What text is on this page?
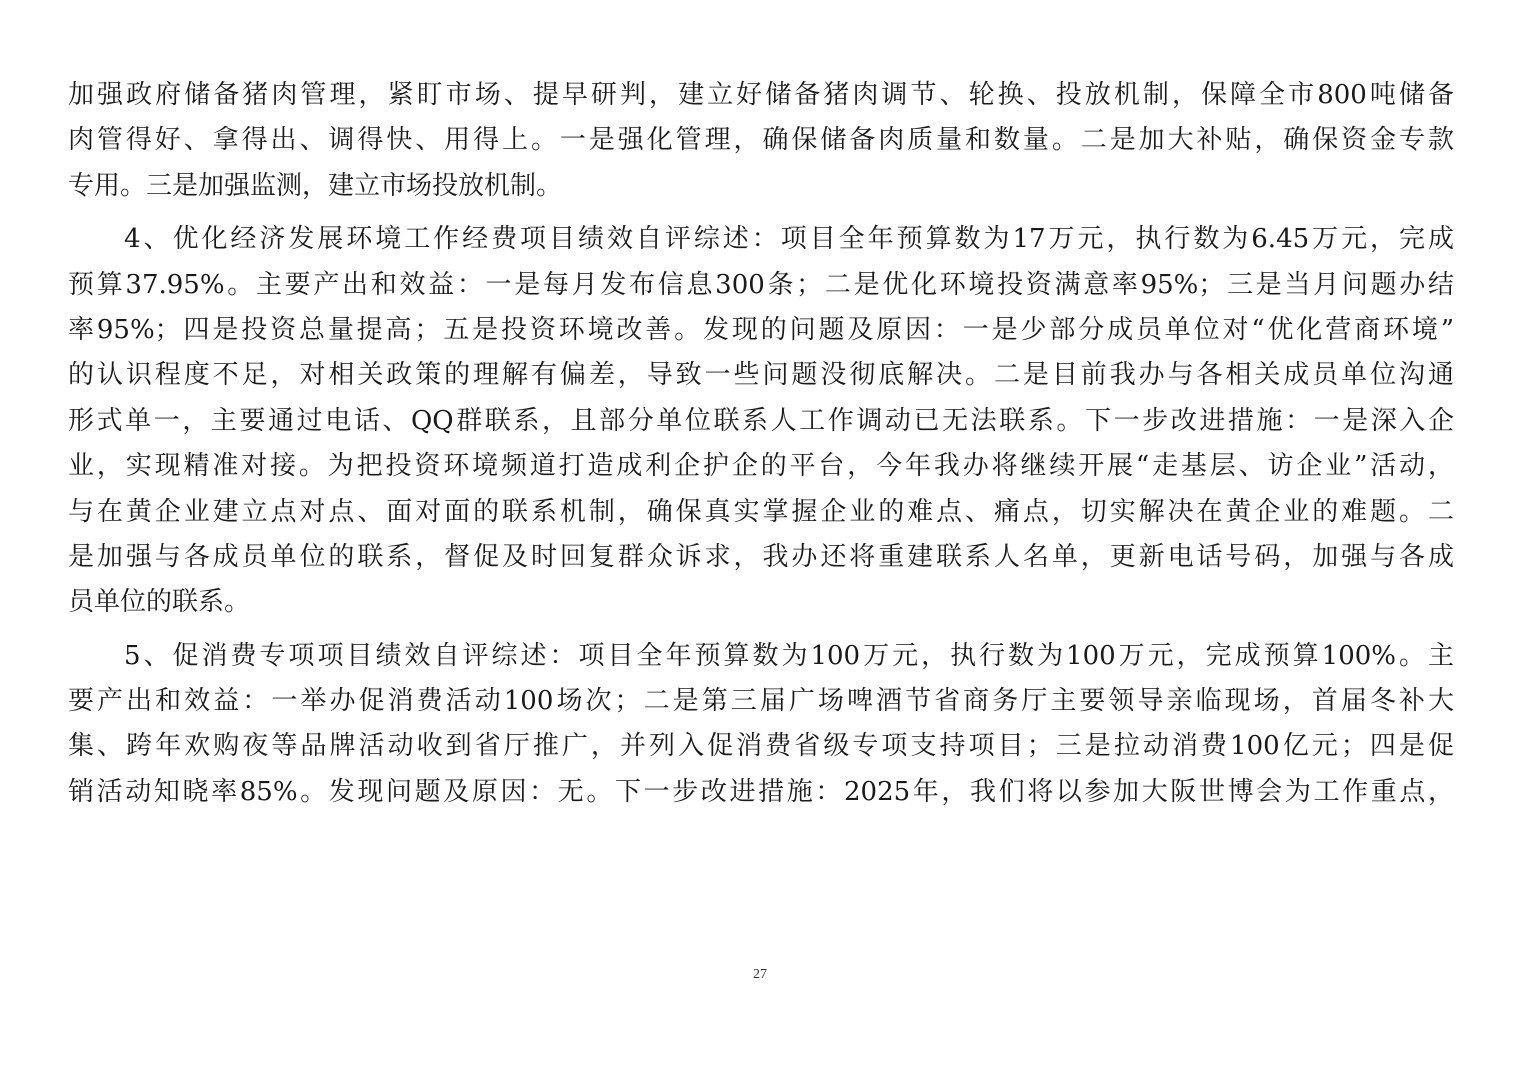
加强政府储备猪肉管理，紧盯市场、提早研判，建立好储备猪肉调节、轮换、投放机制，保障全市800吨储备
肉管得好、拿得出、调得快、用得上。一是强化管理，确保储备肉质量和数量。二是加大补贴，确保资金专款
专用。三是加强监测，建立市场投放机制。
4、优化经济发展环境工作经费项目绩效自评综述：项目全年预算数为17万元，执行数为6.45万元，完成
预算37.95%。主要产出和效益：一是每月发布信息300条；二是优化环境投资满意率95%；三是当月问题办结
率95%；四是投资总量提高；五是投资环境改善。发现的问题及原因：一是少部分成员单位对“优化营商环境”
的认识程度不足，对相关政策的理解有偏差，导致一些问题没彻底解决。二是目前我办与各相关成员单位沟通
形式单一，主要通过电话、QQ群联系，且部分单位联系人工作调动已无法联系。下一步改进措施：一是深入企
业，实现精准对接。为把投资环境频道打造成利企护企的平台，今年我办将继续开展“走基层、访企业”活动，
与在黄企业建立点对点、面对面的联系机制，确保真实掌握企业的难点、痛点，切实解决在黄企业的难题。二
是加强与各成员单位的联系，督促及时回复群众诉求，我办还将重建联系人名单，更新电话号码，加强与各成
员单位的联系。
5、促消费专项项目绩效自评综述：项目全年预算数为100万元，执行数为100万元，完成预算100%。主
要产出和效益：一举办促消费活动100场次；二是第三届广场啤酒节省商务厅主要领导亲临现场，首届冬补大
集、跨年欢购夜等品牌活动收到省厅推广，并列入促消费省级专项支持项目；三是拉动消费100亿元；四是促
销活动知晓率85%。发现问题及原因：无。下一步改进措施：2025年，我们将以参加大阪世博会为工作重点，
27
